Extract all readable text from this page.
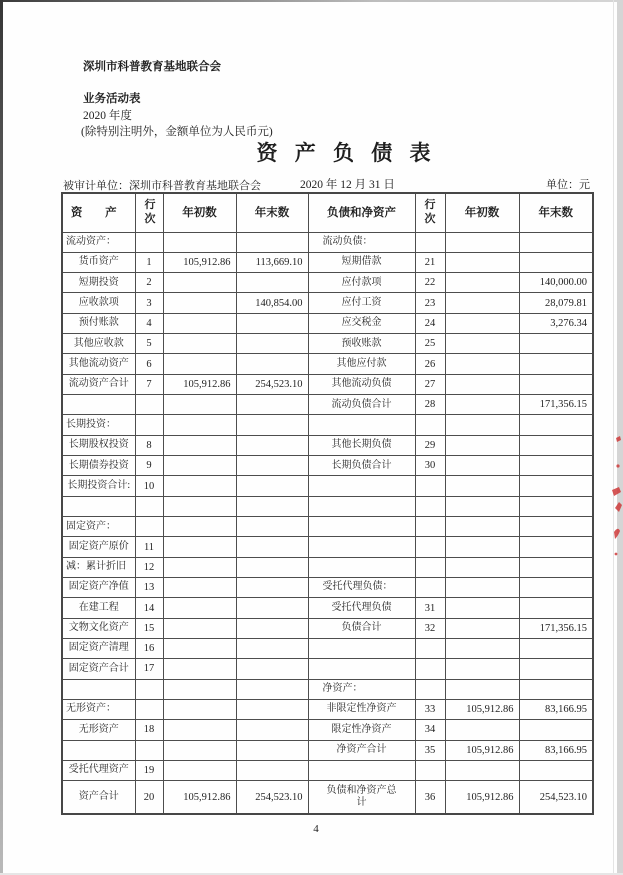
深圳市科普教育基地联合会
业务活动表
2020 年度
(除特别注明外，金额单位为人民币元)
资 产 负 债 表
被审计单位：深圳市科普教育基地联合会	2020 年 12 月 31 日	单位：元
资 产	行次	年初数	年末数	负债和净资产	行次	年初数	年末数
流动资产：				流动负债：			
货币资产	1	105,912.86	113,669.10	短期借款	21		
短期投资	2			应付款项	22		140,000.00
应收款项	3		140,854.00	应付工资	23		28,079.81
预付账款	4			应交税金	24		3,276.34
其他应收款	5			预收账款	25		
其他流动资产	6			其他应付款	26		
流动资产合计	7	105,912.86	254,523.10	其他流动负债	27		
				流动负债合计	28		171,356.15
长期投资：							
长期股权投资	8			其他长期负债	29		
长期债券投资	9			长期负债合计	30		
长期投资合计:	10						

固定资产：							
固定资产原价	11						
减：累计折旧	12						
固定资产净值	13			受托代理负债：			
在建工程	14			受托代理负债	31		
文物文化资产	15			负债合计	32		171,356.15
固定资产清理	16						
固定资产合计	17						
				净资产：			
无形资产：				非限定性净资产	33	105,912.86	83,166.95
无形资产	18			限定性净资产	34		
				净资产合计	35	105,912.86	83,166.95
受托代理资产	19						
资产合计	20	105,912.86	254,523.10	负债和净资产总计	36	105,912.86	254,523.10
4
